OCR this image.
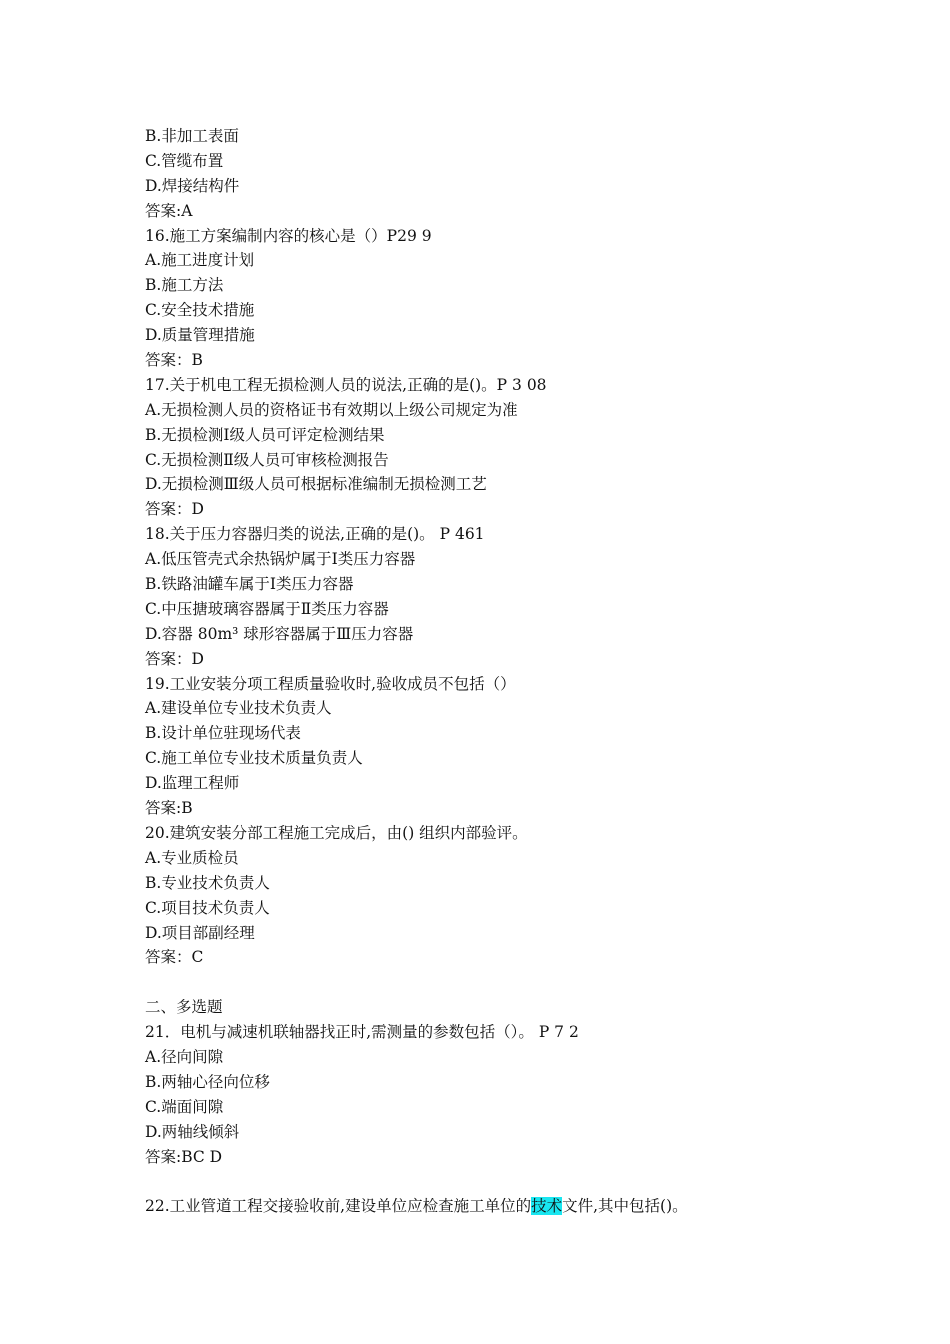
B.非加工表面
C.管缆布置
D.焊接结构件
答案:A
16.施工方案编制内容的核心是（）P29 9
A.施工进度计划
B.施工方法
C.安全技术措施
D.质量管理措施
答案：B
17.关于机电工程无损检测人员的说法,正确的是()。P 3 08
A.无损检测人员的资格证书有效期以上级公司规定为准
B.无损检测Ⅰ级人员可评定检测结果
C.无损检测Ⅱ级人员可审核检测报告
D.无损检测Ⅲ级人员可根据标准编制无损检测工艺
答案：D
18.关于压力容器归类的说法,正确的是()。 P 461
A.低压管壳式余热锅炉属于Ⅰ类压力容器
B.铁路油罐车属于Ⅰ类压力容器
C.中压搪玻璃容器属于Ⅱ类压力容器
D.容器 80m³ 球形容器属于Ⅲ压力容器
答案：D
19.工业安装分项工程质量验收时,验收成员不包括（）
A.建设单位专业技术负责人
B.设计单位驻现场代表
C.施工单位专业技术质量负责人
D.监理工程师
答案:B
20.建筑安装分部工程施工完成后，由() 组织内部验评。
A.专业质检员
B.专业技术负责人
C.项目技术负责人
D.项目部副经理
答案：C
二、多选题
21．电机与减速机联轴器找正时,需测量的参数包括（）。 P 7 2
A.径向间隙
B.两轴心径向位移
C.端面间隙
D.两轴线倾斜
答案:BC D
22.工业管道工程交接验收前,建设单位应检查施工单位的技术文件,其中包括()。
